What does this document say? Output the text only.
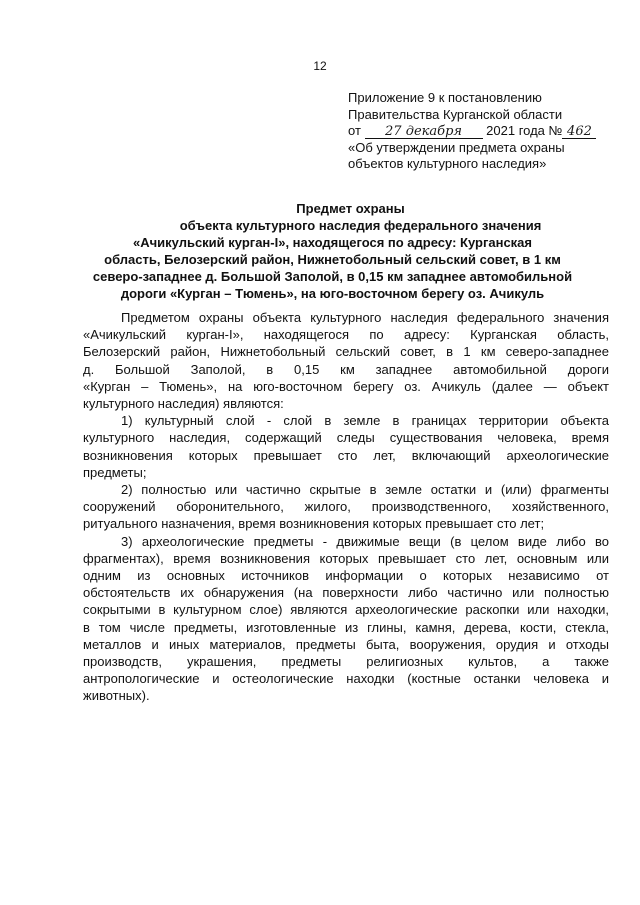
12
Приложение 9 к постановлению
Правительства Курганской области
от 27 декабря 2021 года № 462
«Об утверждении предмета охраны
объектов культурного наследия»
Предмет охраны
объекта культурного наследия федерального значения
«Ачикульский курган-I», находящегося по адресу: Курганская
область, Белозерский район, Нижнетобольный сельский совет, в 1 км
северо-западнее д. Большой Заполой, в 0,15 км западнее автомобильной
дороги «Курган – Тюмень», на юго-восточном берегу оз. Ачикуль
Предметом охраны объекта культурного наследия федерального значения
«Ачикульский курган-I», находящегося по адресу: Курганская область,
Белозерский район, Нижнетобольный сельский совет, в 1 км северо-западнее
д. Большой Заполой, в 0,15 км западнее автомобильной дороги
«Курган – Тюмень», на юго-восточном берегу оз. Ачикуль (далее — объект
культурного наследия) являются:
1) культурный слой - слой в земле в границах территории объекта
культурного наследия, содержащий следы существования человека, время
возникновения которых превышает сто лет, включающий археологические
предметы;
2) полностью или частично скрытые в земле остатки и (или) фрагменты
сооружений оборонительного, жилого, производственного, хозяйственного,
ритуального назначения, время возникновения которых превышает сто лет;
3) археологические предметы - движимые вещи (в целом виде либо во
фрагментах), время возникновения которых превышает сто лет, основным или
одним из основных источников информации о которых независимо от
обстоятельств их обнаружения (на поверхности либо частично или полностью
сокрытыми в культурном слое) являются археологические раскопки или находки,
в том числе предметы, изготовленные из глины, камня, дерева, кости, стекла,
металлов и иных материалов, предметы быта, вооружения, орудия и отходы
производств, украшения, предметы религиозных культов, а также
антропологические и остеологические находки (костные останки человека и
животных).
